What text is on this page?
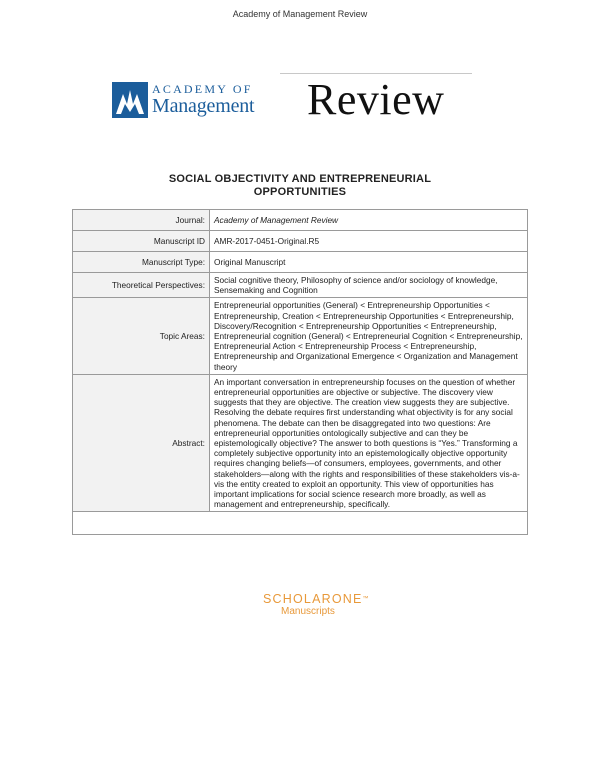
Academy of Management Review
ACADEMY OF
Management Review
SOCIAL OBJECTIVITY AND ENTREPRENEURIAL
OPPORTUNITIES
Journal:	Academy of Management Review
Manuscript ID	AMR-2017-0451-Original.R5
Manuscript Type:	Original Manuscript
Theoretical Perspectives:	Social cognitive theory, Philosophy of science and/or sociology of knowledge, Sensemaking and Cognition
Topic Areas:	Entrepreneurial opportunities (General) < Entrepreneurship Opportunities < Entrepreneurship, Creation < Entrepreneurship Opportunities < Entrepreneurship, Discovery/Recognition < Entrepreneurship Opportunities < Entrepreneurship, Entrepreneurial cognition (General) < Entrepreneurial Cognition < Entrepreneurship, Entrepreneurial Action < Entrepreneurship Process < Entrepreneurship, Entrepreneurship and Organizational Emergence < Organization and Management theory
Abstract:	An important conversation in entrepreneurship focuses on the question of whether entrepreneurial opportunities are objective or subjective. The discovery view suggests that they are objective. The creation view suggests they are subjective. Resolving the debate requires first understanding what objectivity is for any social phenomena. The debate can then be disaggregated into two questions: Are entrepreneurial opportunities ontologically subjective and can they be epistemologically objective? The answer to both questions is “Yes.” Transforming a completely subjective opportunity into an epistemologically objective opportunity requires changing beliefs—of consumers, employees, governments, and other stakeholders—along with the rights and responsibilities of these stakeholders vis-a-vis the entity created to exploit an opportunity. This view of opportunities has important implications for social science research more broadly, as well as management and entrepreneurship, specifically.

SCHOLARONE™
Manuscripts
